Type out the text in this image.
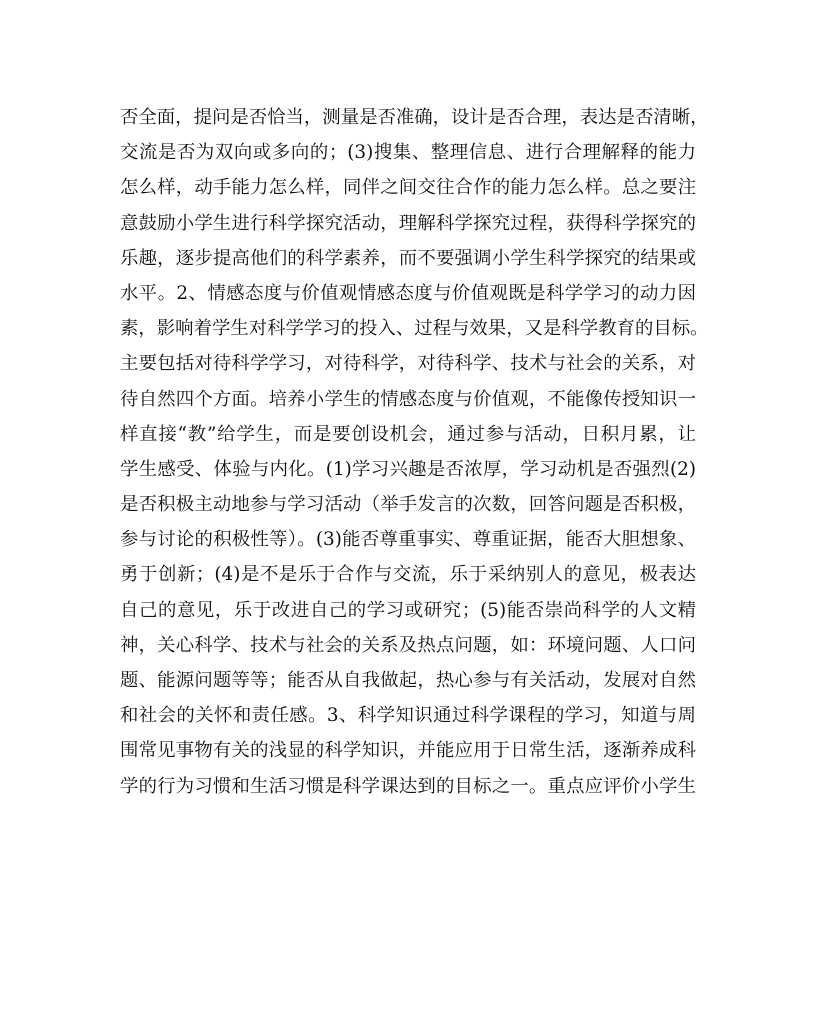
否全面，提问是否恰当，测量是否准确，设计是否合理，表达是否清晰，
交流是否为双向或多向的；(3)搜集、整理信息、进行合理解释的能力
怎么样，动手能力怎么样，同伴之间交往合作的能力怎么样。总之要注
意鼓励小学生进行科学探究活动，理解科学探究过程，获得科学探究的
乐趣，逐步提高他们的科学素养，而不要强调小学生科学探究的结果或
水平。2、情感态度与价值观情感态度与价值观既是科学学习的动力因
素，影响着学生对科学学习的投入、过程与效果，又是科学教育的目标。
主要包括对待科学学习，对待科学，对待科学、技术与社会的关系，对
待自然四个方面。培养小学生的情感态度与价值观，不能像传授知识一
样直接“教”给学生，而是要创设机会，通过参与活动，日积月累，让
学生感受、体验与内化。(1)学习兴趣是否浓厚，学习动机是否强烈(2)
是否积极主动地参与学习活动（举手发言的次数，回答问题是否积极，
参与讨论的积极性等）。(3)能否尊重事实、尊重证据，能否大胆想象、
勇于创新；(4)是不是乐于合作与交流，乐于采纳别人的意见，极表达
自己的意见，乐于改进自己的学习或研究；(5)能否崇尚科学的人文精
神，关心科学、技术与社会的关系及热点问题，如：环境问题、人口问
题、能源问题等等；能否从自我做起，热心参与有关活动，发展对自然
和社会的关怀和责任感。3、科学知识通过科学课程的学习，知道与周
围常见事物有关的浅显的科学知识，并能应用于日常生活，逐渐养成科
学的行为习惯和生活习惯是科学课达到的目标之一。重点应评价小学生
